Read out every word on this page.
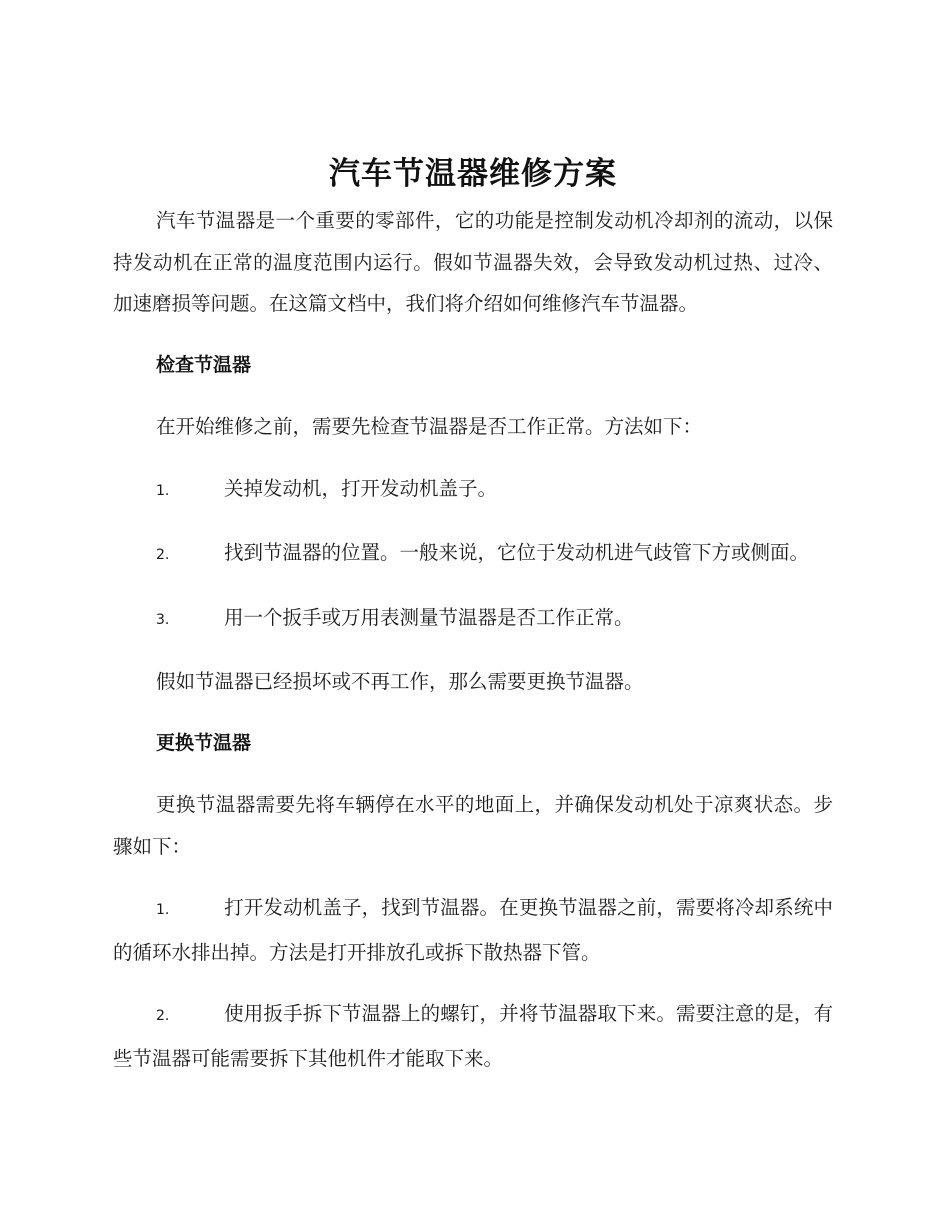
汽车节温器维修方案

汽车节温器是一个重要的零部件，它的功能是控制发动机冷却剂的流动，以保持发动机在正常的温度范围内运行。假如节温器失效，会导致发动机过热、过冷、加速磨损等问题。在这篇文档中，我们将介绍如何维修汽车节温器。

检查节温器

在开始维修之前，需要先检查节温器是否工作正常。方法如下：

1.	关掉发动机，打开发动机盖子。
2.	找到节温器的位置。一般来说，它位于发动机进气歧管下方或侧面。
3.	用一个扳手或万用表测量节温器是否工作正常。

假如节温器已经损坏或不再工作，那么需要更换节温器。

更换节温器

更换节温器需要先将车辆停在水平的地面上，并确保发动机处于凉爽状态。步骤如下：

1.	打开发动机盖子，找到节温器。在更换节温器之前，需要将冷却系统中的循环水排出掉。方法是打开排放孔或拆下散热器下管。
2.	使用扳手拆下节温器上的螺钉，并将节温器取下来。需要注意的是，有些节温器可能需要拆下其他机件才能取下来。
